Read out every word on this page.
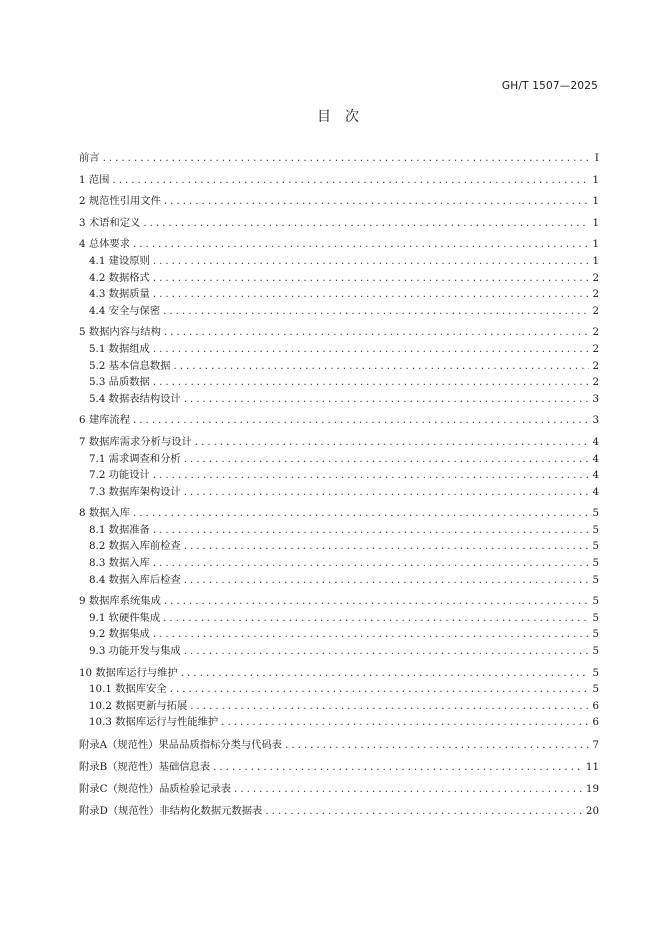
GH/T 1507—2025
目次
前言 .....	I
1 范围 .....	1
2 规范性引用文件 .....	1
3 术语和定义 .....	1
4 总体要求 .....	1
4.1 建设原则 .....	1
4.2 数据格式 .....	2
4.3 数据质量 .....	2
4.4 安全与保密 .....	2
5 数据内容与结构 .....	2
5.1 数据组成 .....	2
5.2 基本信息数据 .....	2
5.3 品质数据 .....	2
5.4 数据表结构设计 .....	3
6 建库流程 .....	3
7 数据库需求分析与设计 .....	4
7.1 需求调查和分析 .....	4
7.2 功能设计 .....	4
7.3 数据库架构设计 .....	4
8 数据入库 .....	5
8.1 数据准备 .....	5
8.2 数据入库前检查 .....	5
8.3 数据入库 .....	5
8.4 数据入库后检查 .....	5
9 数据库系统集成 .....	5
9.1 软硬件集成 .....	5
9.2 数据集成 .....	5
9.3 功能开发与集成 .....	5
10 数据库运行与维护 .....	5
10.1 数据库安全 .....	5
10.2 数据更新与拓展 .....	6
10.3 数据库运行与性能维护 .....	6
附录A（规范性）果品品质指标分类与代码表 .....	7
附录B（规范性）基础信息表 .....	11
附录C（规范性）品质检验记录表 .....	19
附录D（规范性）非结构化数据元数据表 .....	20
